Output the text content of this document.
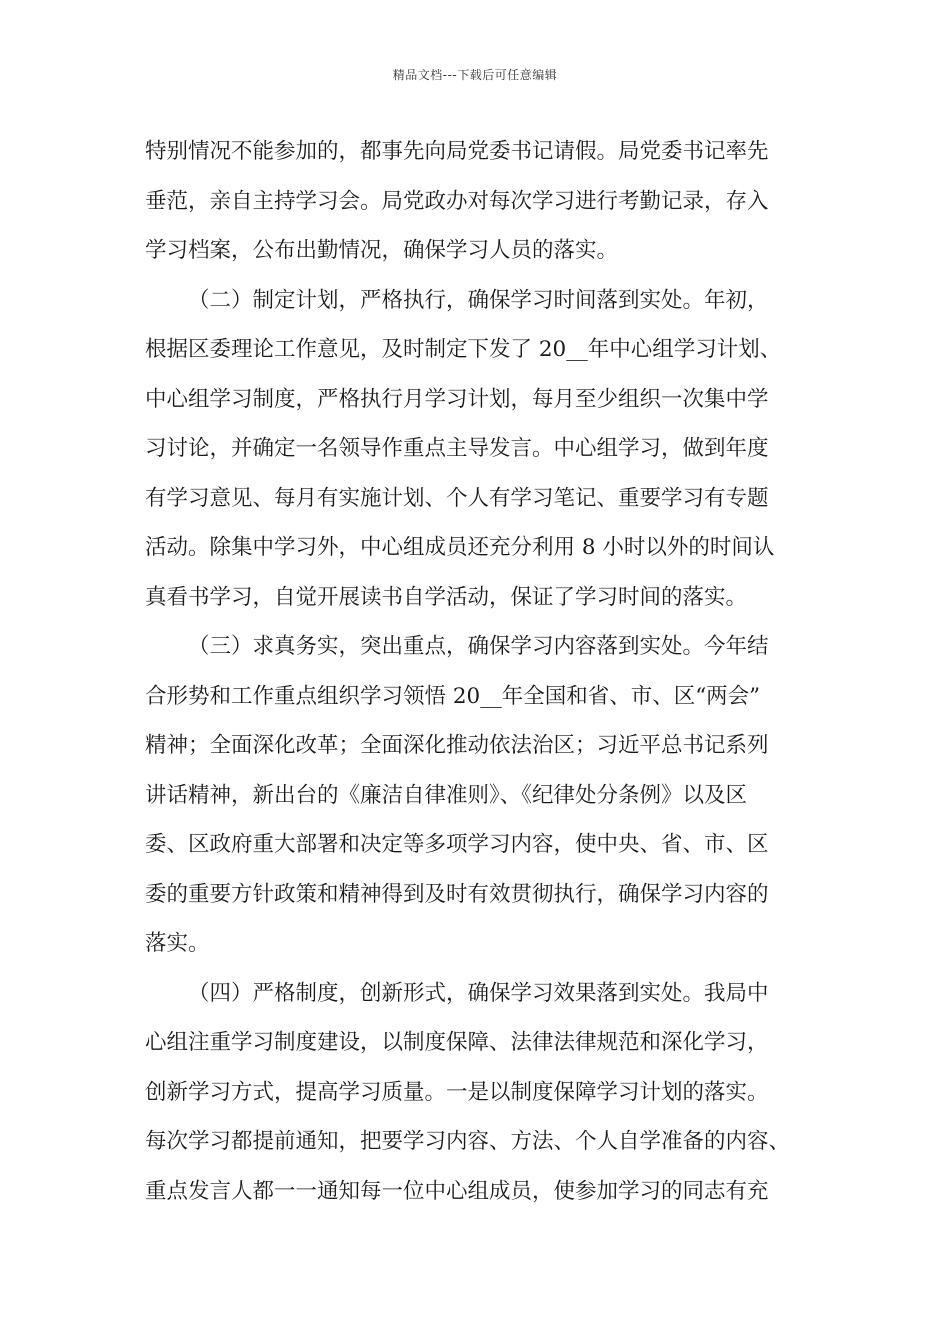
精品文档---下载后可任意编辑
特别情况不能参加的，都事先向局党委书记请假。局党委书记率先
垂范，亲自主持学习会。局党政办对每次学习进行考勤记录，存入
学习档案，公布出勤情况，确保学习人员的落实。
（二）制定计划，严格执行，确保学习时间落到实处。年初，
根据区委理论工作意见，及时制定下发了 20__年中心组学习计划、
中心组学习制度，严格执行月学习计划，每月至少组织一次集中学
习讨论，并确定一名领导作重点主导发言。中心组学习，做到年度
有学习意见、每月有实施计划、个人有学习笔记、重要学习有专题
活动。除集中学习外，中心组成员还充分利用 8 小时以外的时间认
真看书学习，自觉开展读书自学活动，保证了学习时间的落实。
（三）求真务实，突出重点，确保学习内容落到实处。今年结
合形势和工作重点组织学习领悟 20__年全国和省、市、区“两会”
精神；全面深化改革；全面深化推动依法治区；习近平总书记系列
讲话精神，新出台的《廉洁自律准则》、《纪律处分条例》以及区
委、区政府重大部署和决定等多项学习内容，使中央、省、市、区
委的重要方针政策和精神得到及时有效贯彻执行，确保学习内容的
落实。
（四）严格制度，创新形式，确保学习效果落到实处。我局中
心组注重学习制度建设，以制度保障、法律法律规范和深化学习，
创新学习方式，提高学习质量。一是以制度保障学习计划的落实。
每次学习都提前通知，把要学习内容、方法、个人自学准备的内容、
重点发言人都一一通知每一位中心组成员，使参加学习的同志有充
